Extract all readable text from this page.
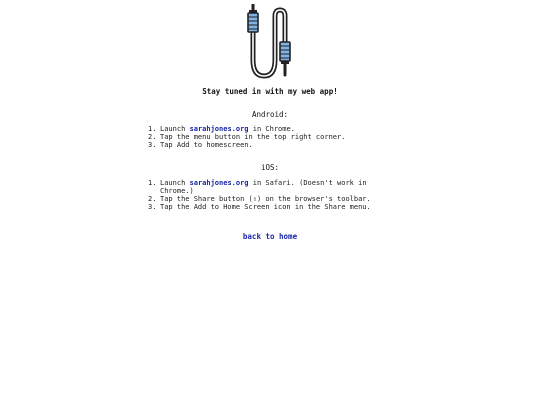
Stay tuned in with my web app!
Android:
1. Launch sarahjones.org in Chrome.
2. Tap the menu button in the top right corner.
3. Tap Add to homescreen.
iOS:
1. Launch sarahjones.org in Safari. (Doesn't work in Chrome.)
2. Tap the Share button (⇧) on the browser's toolbar.
3. Tap the Add to Home Screen icon in the Share menu.
back to home
